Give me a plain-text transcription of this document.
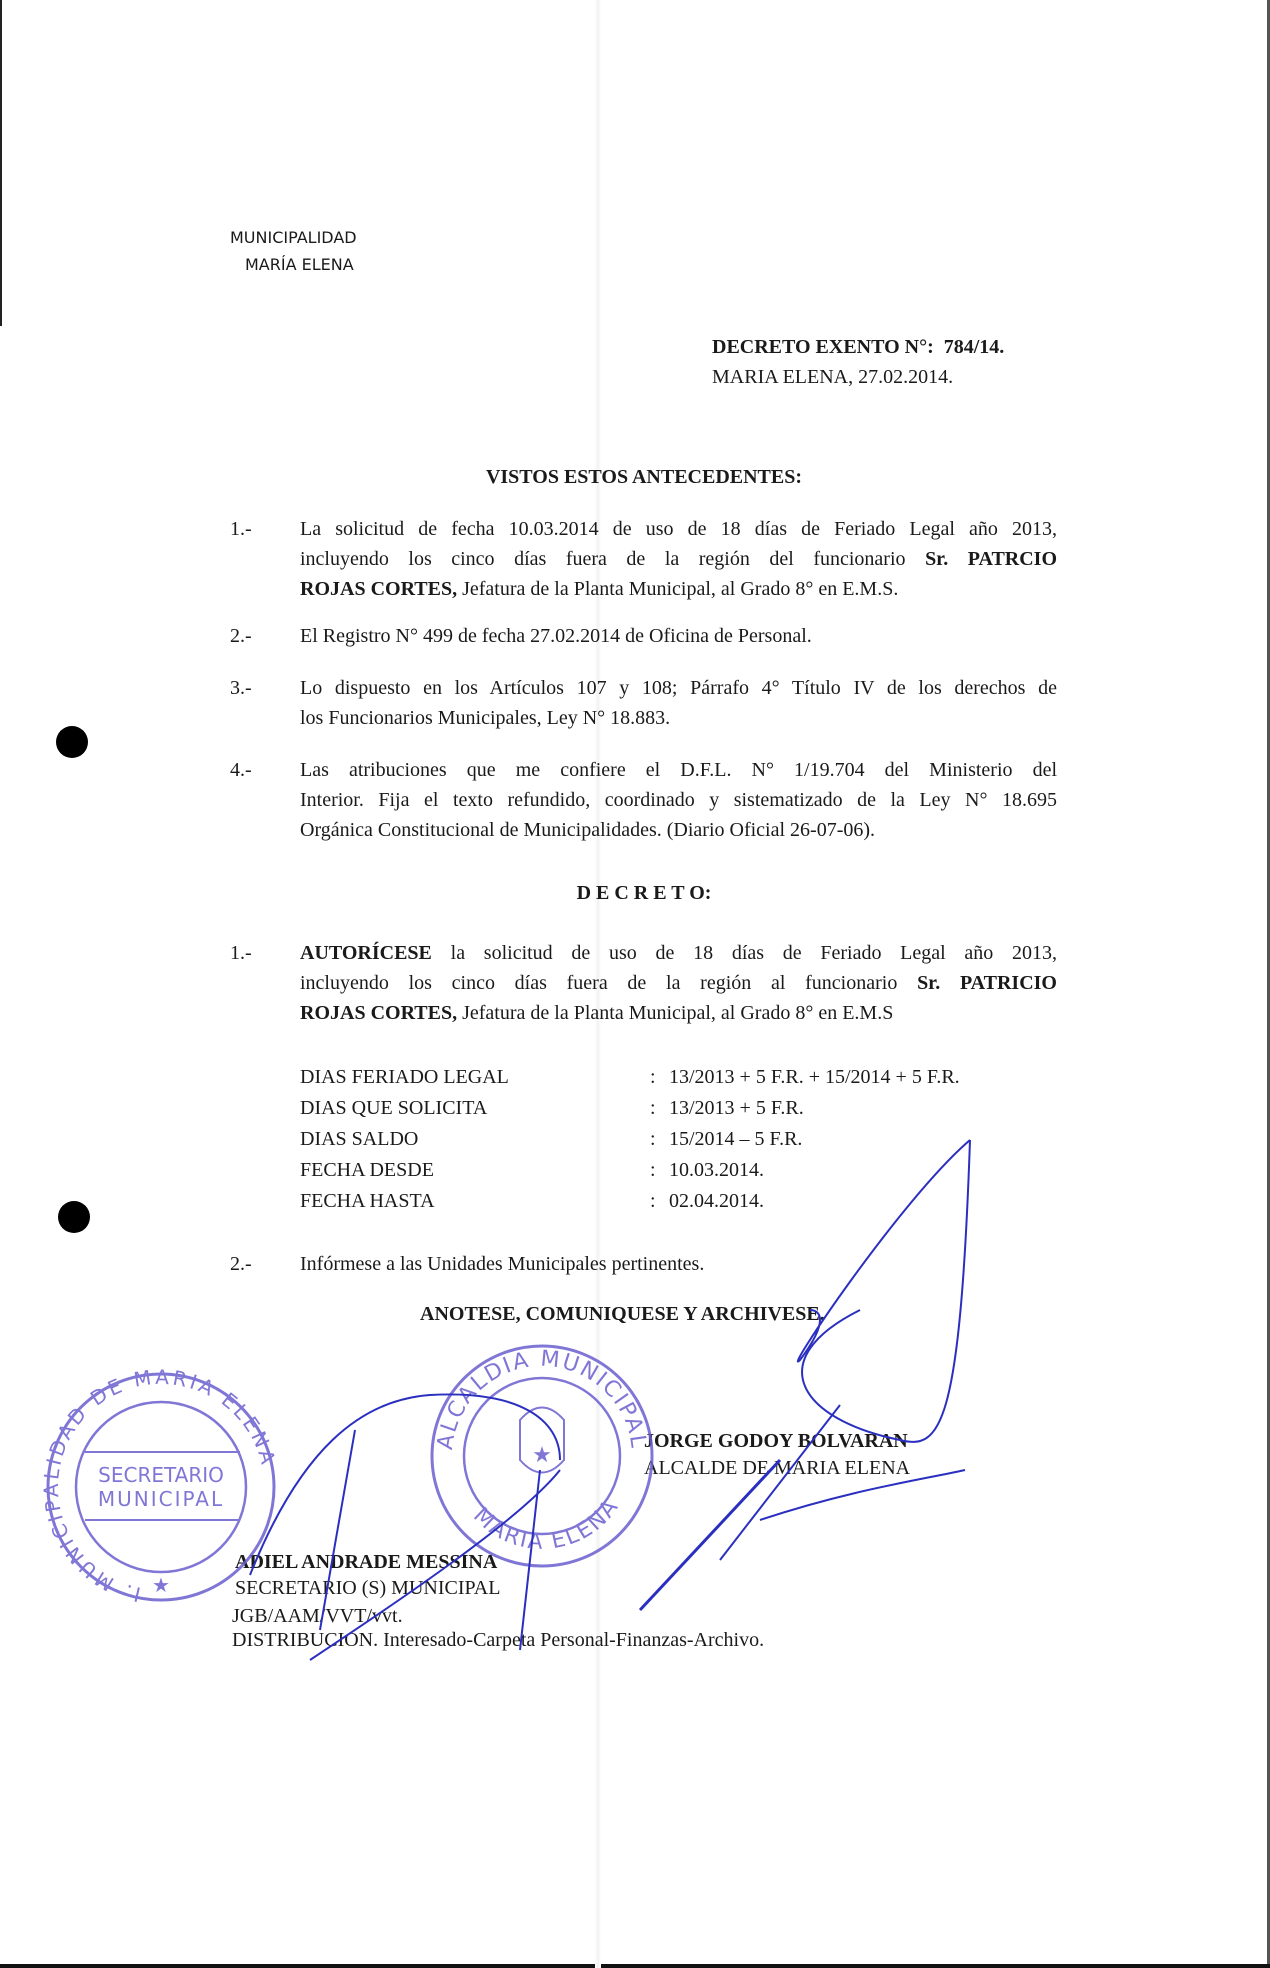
MUNICIPALIDAD
MARÍA ELENA
DECRETO EXENTO N°: 784/14.
MARIA ELENA, 27.02.2014.
VISTOS ESTOS ANTECEDENTES:
1.- La solicitud de fecha 10.03.2014 de uso de 18 días de Feriado Legal año 2013,
incluyendo los cinco días fuera de la región del funcionario Sr. PATRCIO
ROJAS CORTES, Jefatura de la Planta Municipal, al Grado 8° en E.M.S.
2.- El Registro N° 499 de fecha 27.02.2014 de Oficina de Personal.
3.- Lo dispuesto en los Artículos 107 y 108; Párrafo 4° Título IV de los derechos de
los Funcionarios Municipales, Ley N° 18.883.
4.- Las atribuciones que me confiere el D.F.L. N° 1/19.704 del Ministerio del
Interior. Fija el texto refundido, coordinado y sistematizado de la Ley N° 18.695
Orgánica Constitucional de Municipalidades. (Diario Oficial 26-07-06).
D E C R E T O:
1.- AUTORÍCESE la solicitud de uso de 18 días de Feriado Legal año 2013,
incluyendo los cinco días fuera de la región al funcionario Sr. PATRICIO
ROJAS CORTES, Jefatura de la Planta Municipal, al Grado 8° en E.M.S
DIAS FERIADO LEGAL	: 13/2013 + 5 F.R. + 15/2014 + 5 F.R.
DIAS QUE SOLICITA	: 13/2013 + 5 F.R.
DIAS SALDO	: 15/2014 – 5 F.R.
FECHA DESDE	: 10.03.2014.
FECHA HASTA	: 02.04.2014.
2.- Infórmese a las Unidades Municipales pertinentes.
ANOTESE, COMUNIQUESE Y ARCHIVESE.
JORGE GODOY BOLVARAN
ALCALDE DE MARIA ELENA
ADIEL ANDRADE MESSINA
SECRETARIO (S) MUNICIPAL
JGB/AAM/VVT/vvt.
DISTRIBUCION. Interesado-Carpeta Personal-Finanzas-Archivo.
I. MUNICIPALIDAD DE MARIA ELENA
SECRETARIO
MUNICIPAL
★
ALCALDIA MUNICIPAL
MARIA ELENA
★
